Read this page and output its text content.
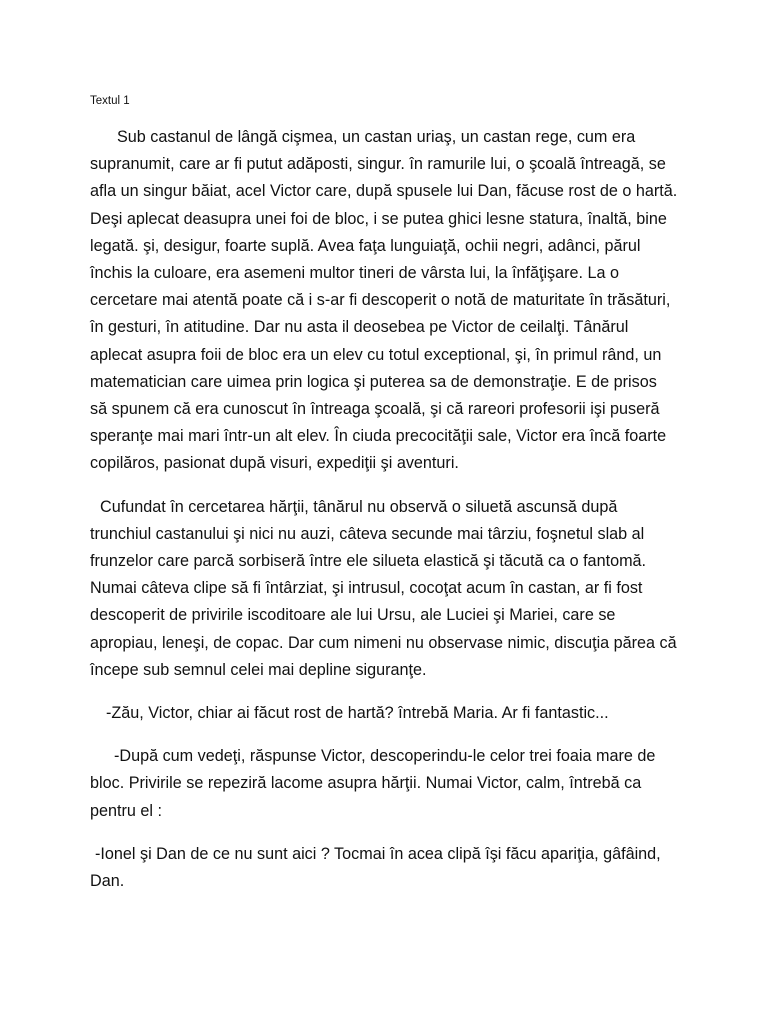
Textul 1

Sub castanul de lângă cişmea, un castan uriaş, un castan rege, cum era supranumit, care ar fi putut adăposti, singur. în ramurile lui, o şcoală întreagă, se afla un singur băiat, acel Victor care, după spusele lui Dan, făcuse rost de o hartă. Deşi aplecat deasupra unei foi de bloc, i se putea ghici lesne statura, înaltă, bine legată. şi, desigur, foarte suplă. Avea faţa lunguiaţă, ochii negri, adânci, părul închis la culoare, era asemeni multor tineri de vârsta lui, la înfăţişare. La o cercetare mai atentă poate că i s-ar fi descoperit o notă de maturitate în trăsături, în gesturi, în atitudine. Dar nu asta il deosebea pe Victor de ceilalţi. Tânărul aplecat asupra foii de bloc era un elev cu totul exceptional, şi, în primul rând, un matematician care uimea prin logica şi puterea sa de demonstraţie. E de prisos să spunem că era cunoscut în întreaga şcoală, şi că rareori profesorii işi puseră speranţe mai mari într-un alt elev. În ciuda precocităţii sale, Victor era încă foarte copilăros, pasionat după visuri, expediţii şi aventuri.

Cufundat în cercetarea hărţii, tânărul nu observă o siluetă ascunsă după trunchiul castanului şi nici nu auzi, câteva secunde mai târziu, foşnetul slab al frunzelor care parcă sorbiseră între ele silueta elastică şi tăcută ca o fantomă. Numai câteva clipe să fi întârziat, şi intrusul, cocoţat acum în castan, ar fi fost descoperit de privirile iscoditoare ale lui Ursu, ale Luciei şi Mariei, care se apropiau, leneşi, de copac. Dar cum nimeni nu observase nimic, discuţia părea că începe sub semnul celei mai depline siguranţe.

-Zău, Victor, chiar ai făcut rost de hartă? întrebă Maria. Ar fi fantastic...

-După cum vedeţi, răspunse Victor, descoperindu-le celor trei foaia mare de bloc. Privirile se repeziră lacome asupra hărţii. Numai Victor, calm, întrebă ca pentru el :

-Ionel şi Dan de ce nu sunt aici ? Tocmai în acea clipă îşi făcu apariţia, gâfâind, Dan.
